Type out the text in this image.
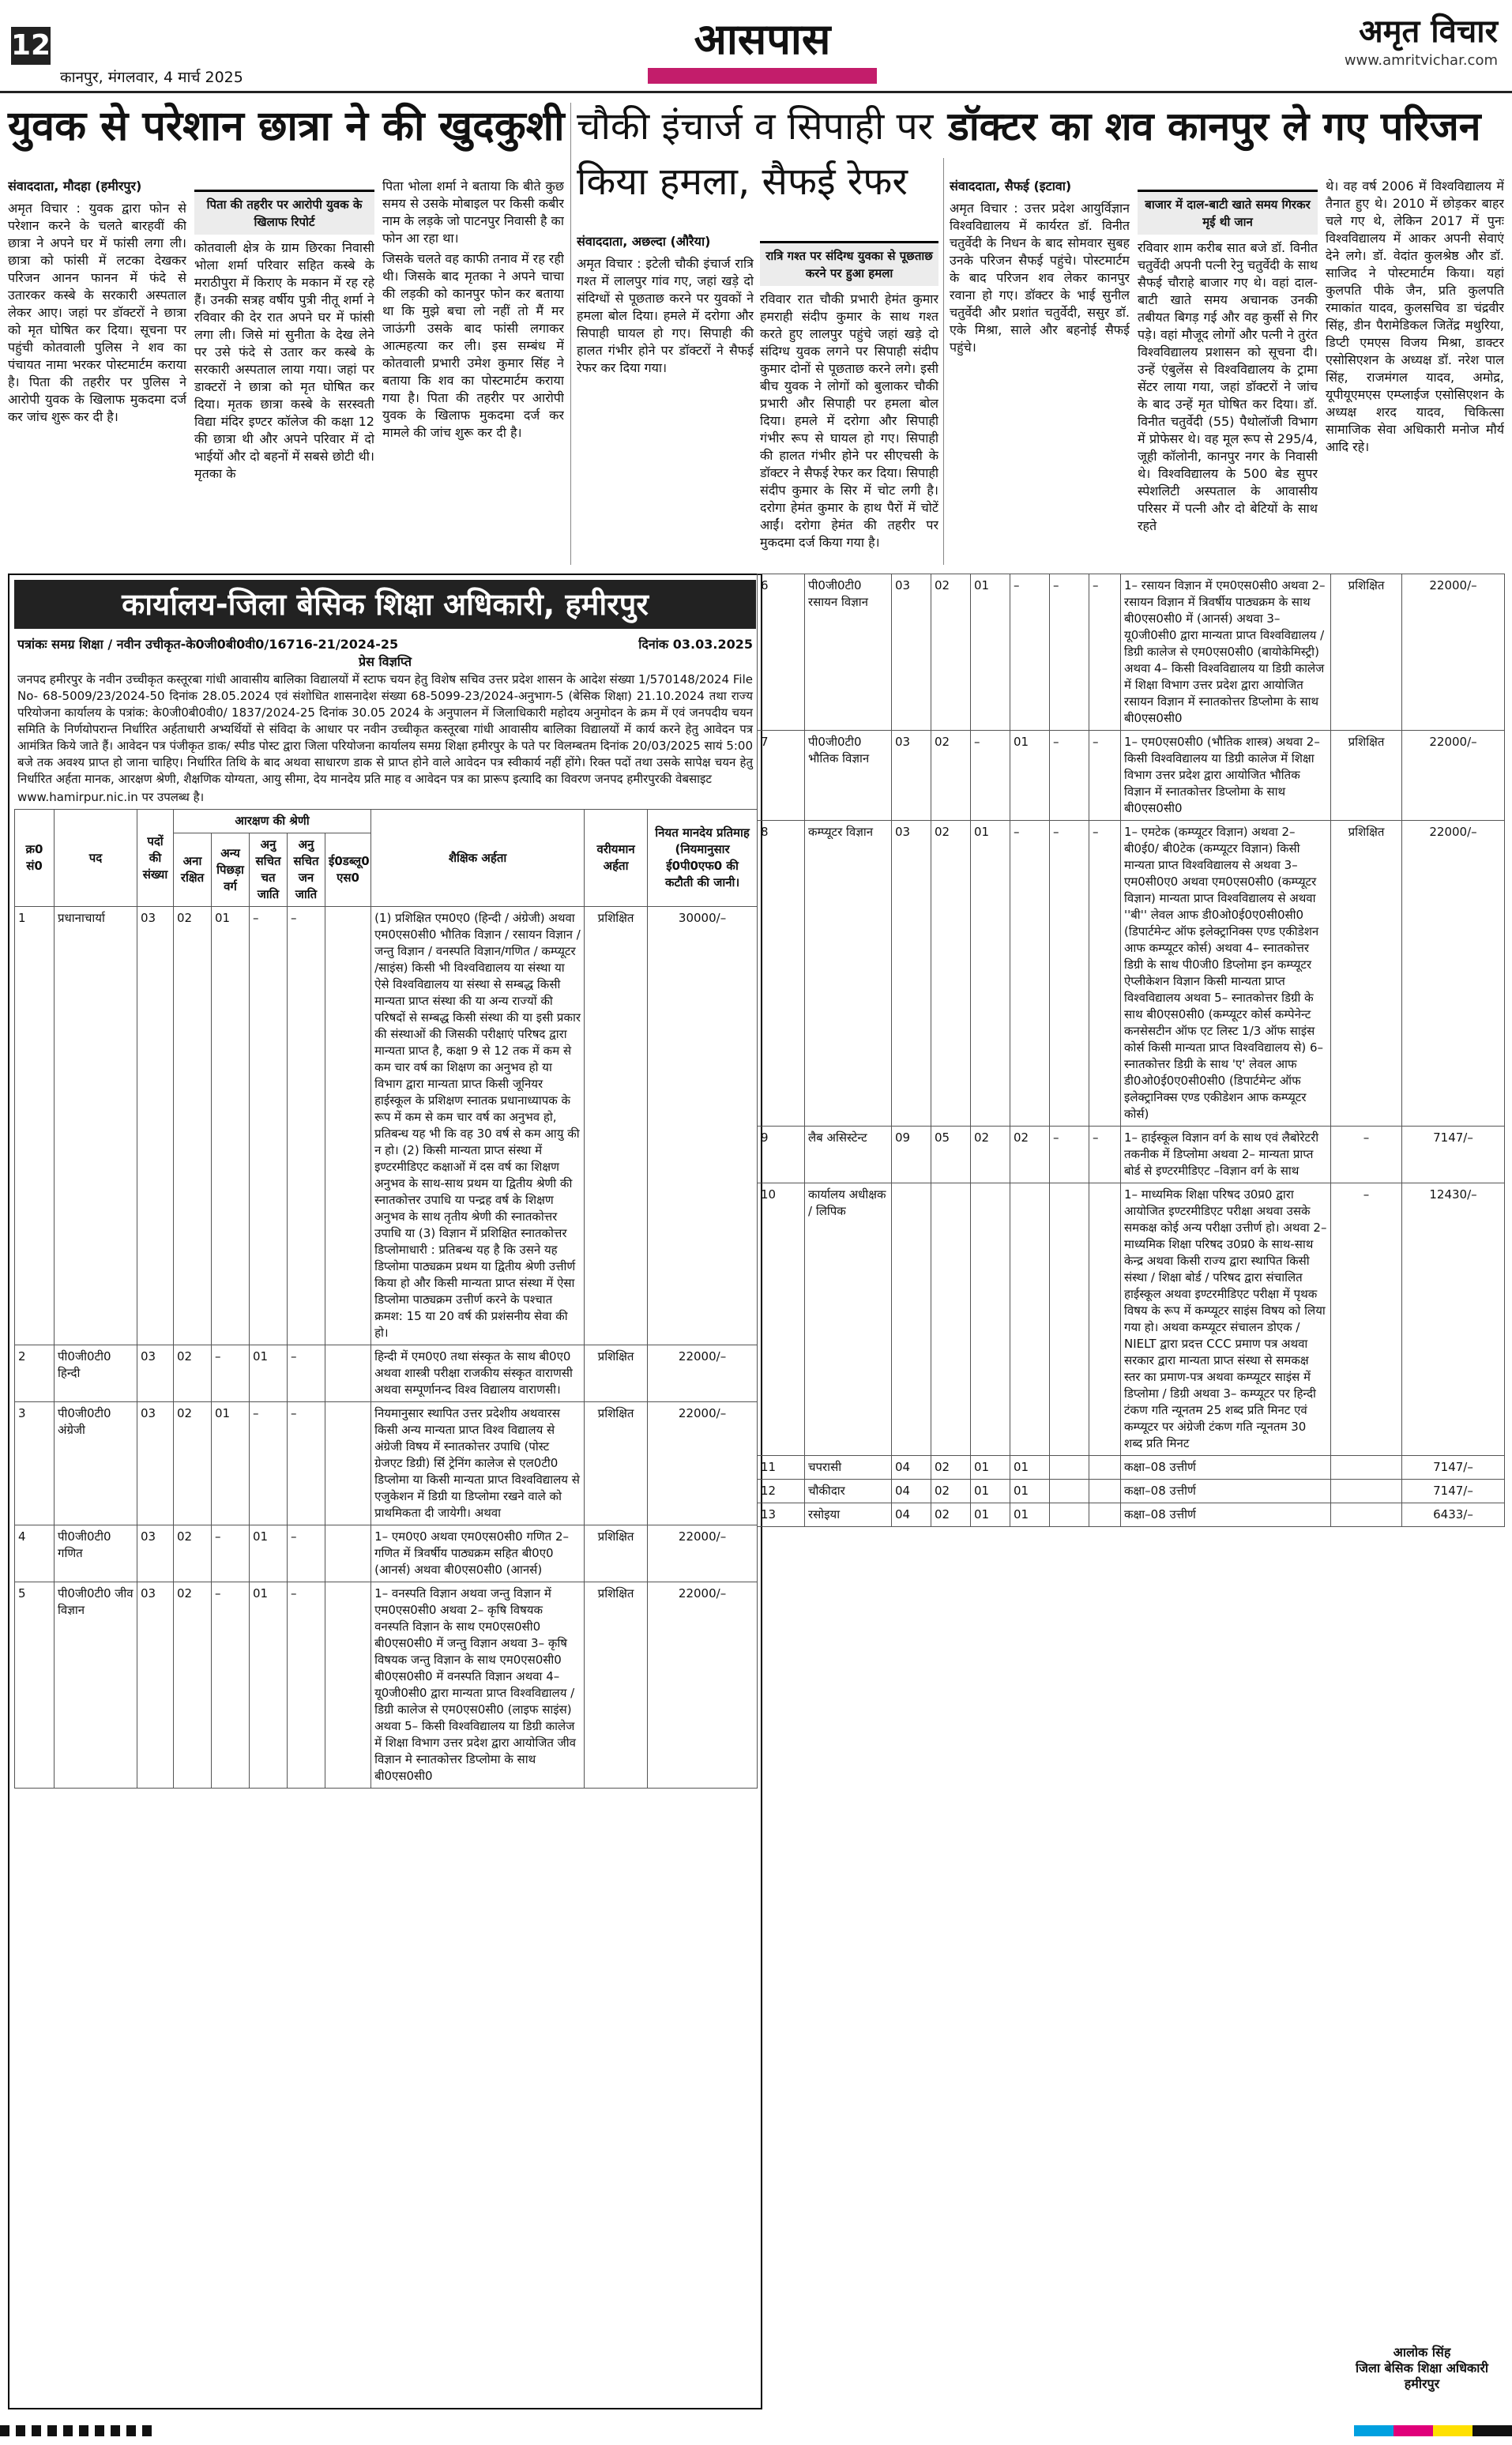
12
कानपुर, मंगलवार, 4 मार्च 2025
आसपास	अमृत विचार
www.amritvichar.com
युवक से परेशान छात्रा ने की खुदकुशी चौकी इंचार्ज व सिपाही पर
किया हमला, सैफई रेफर
डॉक्टर का शव कानपुर ले गए परिजन
संवाददाता, मौदहा (हमीरपुर)

अमृत विचार : युवक द्वारा फोन से परेशान करने के चलते बारहवीं की छात्रा ने अपने घर में फांसी लगा ली। छात्रा को फांसी में लटका देखकर परिजन आनन फानन में फंदे से उतारकर कस्बे के सरकारी अस्पताल लेकर आए। जहां पर डॉक्टरों ने छात्रा को मृत घोषित कर दिया। सूचना पर पहुंची कोतवाली पुलिस ने शव का पंचायत नामा भरकर पोस्टमार्टम कराया है। पिता की तहरीर पर पुलिस ने आरोपी युवक के खिलाफ मुकदमा दर्ज कर जांच शुरू कर दी है।

पिता की तहरीर पर आरोपी युवक के खिलाफ रिपोर्ट

कोतवाली क्षेत्र के ग्राम छिरका निवासी भोला शर्मा परिवार सहित कस्बे के मराठीपुरा में किराए के मकान में रह रहे हैं। उनकी सत्रह वर्षीय पुत्री नीतू शर्मा ने रविवार की देर रात अपने घर में फांसी लगा ली। जिसे मां सुनीता के देख लेने पर उसे फंदे से उतार कर कस्बे के सरकारी अस्पताल लाया गया। जहां पर डाक्टरों ने छात्रा को मृत घोषित कर दिया। मृतक छात्रा कस्बे के सरस्वती विद्या मंदिर इण्टर कॉलेज की कक्षा 12 की छात्रा थी और अपने परिवार में दो भाईयों और दो बहनों में सबसे छोटी थी। मृतका के

पिता भोला शर्मा ने बताया कि बीते कुछ समय से उसके मोबाइल पर किसी कबीर नाम के लड़के जो पाटनपुर निवासी है का फोन आ रहा था।

जिसके चलते वह काफी तनाव में रह रही थी। जिसके बाद मृतका ने अपने चाचा की लड़की को कानपुर फोन कर बताया था कि मुझे बचा लो नहीं तो मैं मर जाऊंगी उसके बाद फांसी लगाकर आत्महत्या कर ली। इस सम्बंध में कोतवाली प्रभारी उमेश कुमार सिंह ने बताया कि शव का पोस्टमार्टम कराया गया है। पिता की तहरीर पर आरोपी युवक के खिलाफ मुकदमा दर्ज कर मामले की जांच शुरू कर दी है।

संवाददाता, अछल्दा (औरैया)

अमृत विचार : इटेली चौकी इंचार्ज रात्रि गश्त में लालपुर गांव गए, जहां खड़े दो संदिग्धों से पूछताछ करने पर युवकों ने हमला बोल दिया। हमले में दरोगा और सिपाही घायल हो गए। सिपाही की हालत गंभीर होने पर डॉक्टरों ने सैफई रेफर कर दिया गया।

रात्रि गश्त पर संदिग्ध युवका से पूछताछ करने पर हुआ हमला

रविवार रात चौकी प्रभारी हेमंत कुमार हमराही संदीप कुमार के साथ गश्त करते हुए लालपुर पहुंचे जहां खड़े दो संदिग्ध युवक लगने पर सिपाही संदीप कुमार दोनों से पूछताछ करने लगे। इसी बीच युवक ने लोगों को बुलाकर चौकी प्रभारी और सिपाही पर हमला बोल दिया। हमले में दरोगा और सिपाही गंभीर रूप से घायल हो गए। सिपाही की हालत गंभीर होने पर सीएचसी के डॉक्टर ने सैफई रेफर कर दिया। सिपाही संदीप कुमार के सिर में चोट लगी है। दरोगा हेमंत कुमार के हाथ पैरों में चोटें आईं। दरोगा हेमंत की तहरीर पर मुकदमा दर्ज किया गया है।

संवाददाता, सैफई (इटावा)

अमृत विचार : उत्तर प्रदेश आयुर्विज्ञान विश्वविद्यालय में कार्यरत डॉ. विनीत चतुर्वेदी के निधन के बाद सोमवार सुबह उनके परिजन सैफई पहुंचे। पोस्टमार्टम के बाद परिजन शव लेकर कानपुर रवाना हो गए। डॉक्टर के भाई सुनील चतुर्वेदी और प्रशांत चतुर्वेदी, ससुर डॉ. एके मिश्रा, साले और बहनोई सैफई पहुंचे।

बाजार में दाल-बाटी खाते समय गिरकर मृई थी जान

रविवार शाम करीब सात बजे डॉ. विनीत चतुर्वेदी अपनी पत्नी रेनु चतुर्वेदी के साथ सैफई चौराहे बाजार गए थे। वहां दाल-बाटी खाते समय अचानक उनकी तबीयत बिगड़ गई और वह कुर्सी से गिर पड़े। वहां मौजूद लोगों और पत्नी ने तुरंत विश्वविद्यालय प्रशासन को सूचना दी। उन्हें एंबुलेंस से विश्वविद्यालय के ट्रामा सेंटर लाया गया, जहां डॉक्टरों ने जांच के बाद उन्हें मृत घोषित कर दिया। डॉ. विनीत चतुर्वेदी (55) पैथोलॉजी विभाग में प्रोफेसर थे। वह मूल रूप से 295/4, जूही कॉलोनी, कानपुर नगर के निवासी थे। विश्वविद्यालय के 500 बेड सुपर स्पेशलिटी अस्पताल के आवासीय परिसर में पत्नी और दो बेटियों के साथ रहते

थे। वह वर्ष 2006 में विश्वविद्यालय में तैनात हुए थे। 2010 में छोड़कर बाहर चले गए थे, लेकिन 2017 में पुनः विश्वविद्यालय में आकर अपनी सेवाएं देने लगे। डॉ. वेदांत कुलश्रेष्ठ और डॉ. साजिद ने पोस्टमार्टम किया। यहां कुलपति पीके जैन, प्रति कुलपति रमाकांत यादव, कुलसचिव डा चंद्रवीर सिंह, डीन पैरामेडिकल जितेंद्र मथुरिया, डिप्टी एमएस विजय मिश्रा, डाक्टर एसोसिएशन के अध्यक्ष डॉ. नरेश पाल सिंह, राजमंगल यादव, अमोद्र, यूपीयूएमएस एम्प्लाईज एसोसिएशन के अध्यक्ष शरद यादव, चिकित्सा सामाजिक सेवा अधिकारी मनोज मौर्य आदि रहे।

कार्यालय-जिला बेसिक शिक्षा अधिकारी, हमीरपुर
पत्रांकः समग्र शिक्षा / नवीन उचीकृत-के0जी0बी0वी0/16716-21/2024-25	दिनांक 03.03.2025
प्रेस विज्ञप्ति
जनपद हमीरपुर के नवीन उच्चीकृत कस्तूरबा गांधी आवासीय बालिका विद्यालयों में स्टाफ चयन हेतु विशेष सचिव उत्तर प्रदेश शासन के आदेश संख्या 1/570148/2024 File No- 68-5009/23/2024-50 दिनांक 28.05.2024 एवं संशोधित शासनादेश संख्या 68-5099-23/2024-अनुभाग-5 (बेसिक शिक्षा) 21.10.2024 तथा राज्य परियोजना कार्यालय के पत्रांक: के0जी0बी0वी0/ 1837/2024-25 दिनांक 30.05 2024 के अनुपालन में जिलाधिकारी महोदय अनुमोदन के क्रम में एवं जनपदीय चयन समिति के निर्णयोपरान्त निर्धारित अर्हताधारी अभ्यर्थियों से संविदा के आधार पर नवीन उच्चीकृत कस्तूरबा गांधी आवासीय बालिका विद्यालयों में कार्य करने हेतु आवेदन पत्र आमंत्रित किये जाते हैं। आवेदन पत्र पंजीकृत डाक/ स्पीड पोस्ट द्वारा जिला परियोजना कार्यालय समग्र शिक्षा हमीरपुर के पते पर विलम्बतम दिनांक 20/03/2025 सायं 5:00 बजे तक अवश्य प्राप्त हो जाना चाहिए। निर्धारित तिथि के बाद अथवा साधारण डाक से प्राप्त होने वाले आवेदन पत्र स्वीकार्य नहीं होंगे। रिक्त पदों तथा उसके सापेक्ष चयन हेतु निर्धारित अर्हता मानक, आरक्षण श्रेणी, शैक्षणिक योग्यता, आयु सीमा, देय मानदेय प्रति माह व आवेदन पत्र का प्रारूप इत्यादि का विवरण जनपद हमीरपुरकी वेबसाइट
www.hamirpur.nic.in पर उपलब्ध है।
क्र0 सं0	पद	पदों की संख्या	आरक्षण की श्रेणी					शैक्षिक अर्हता	वरीयमान अर्हता	नियत मानदेय प्रतिमाह (नियमानुसार ई0पी0एफ0 की कटौती की जानी।
			अना रक्षित	अन्य पिछड़ा वर्ग	अनु सचित चत जाति	अनु सचित जन जाति	ई0डब्लू0 एस0			
1	प्रधानाचार्या	03	02	01	–	–		(1) प्रशिक्षित एम0ए0 (हिन्दी / अंग्रेजी) अथवा एम0एस0सी0 भौतिक विज्ञान / रसायन विज्ञान / जन्तु विज्ञान / वनस्पति विज्ञान/गणित / कम्प्यूटर /साइंस) किसी भी विश्वविद्यालय या संस्था या ऐसे विश्वविद्यालय या संस्था से सम्बद्ध किसी मान्यता प्राप्त संस्था की या अन्य राज्यों की परिषदों से सम्बद्ध किसी संस्था की या इसी प्रकार की संस्थाओं की जिसकी परीक्षाएं परिषद द्वारा मान्यता प्राप्त है, कक्षा 9 से 12 तक में कम से कम चार वर्ष का शिक्षण का अनुभव हो या विभाग द्वारा मान्यता प्राप्त किसी जूनियर हाईस्कूल के प्रशिक्षण स्नातक प्रधानाध्यापक के रूप में कम से कम चार वर्ष का अनुभव हो, प्रतिबन्ध यह भी कि वह 30 वर्ष से कम आयु की न हो। (2) किसी मान्यता प्राप्त संस्था में इण्टरमीडिएट कक्षाओं में दस वर्ष का शिक्षण अनुभव के साथ-साथ प्रथम या द्वितीय श्रेणी की स्नातकोत्तर उपाधि या पन्द्रह वर्ष के शिक्षण अनुभव के साथ तृतीय श्रेणी की स्नातकोत्तर उपाधि या (3) विज्ञान में प्रशिक्षित स्नातकोत्तर डिप्लोमाधारी : प्रतिबन्ध यह है कि उसने यह डिप्लोमा पाठ्यक्रम प्रथम या द्वितीय श्रेणी उत्तीर्ण किया हो और किसी मान्यता प्राप्त संस्था में ऐसा डिप्लोमा पाठ्यक्रम उत्तीर्ण करने के पश्चात क्रमश: 15 या 20 वर्ष की प्रशंसनीय सेवा की हो।	प्रशिक्षित	30000/–
2	पी0जी0टी0 हिन्दी	03	02	–	01	–		हिन्दी में एम0ए0 तथा संस्कृत के साथ बी0ए0 अथवा शास्त्री परीक्षा राजकीय संस्कृत वाराणसी अथवा सम्पूर्णानन्द विश्व विद्यालय वाराणसी।	प्रशिक्षित	22000/–
3	पी0जी0टी0 अंग्रेजी	03	02	01	–	–		नियमानुसार स्थापित उत्तर प्रदेशीय अथवारस किसी अन्य मान्यता प्राप्त विश्व विद्यालय से अंग्रेजी विषय में स्नातकोत्तर उपाधि (पोस्ट ग्रेजएट डिग्री) सिंं ट्रेनिंग कालेज से एल0टी0 डिप्लोमा या किसी मान्यता प्राप्त विश्वविद्यालय से एजुकेशन में डिग्री या डिप्लोमा रखने वाले को प्राथमिकता दी जायेगी। अथवा	प्रशिक्षित	22000/–
4	पी0जी0टी0 गणित	03	02	–	01	–		1– एम0ए0 अथवा एम0एस0सी0 गणित 2– गणित में त्रिवर्षीय पाठ्यक्रम सहित बी0ए0 (आनर्स) अथवा बी0एस0सी0 (आनर्स)	प्रशिक्षित	22000/–
5	पी0जी0टी0 जीव विज्ञान	03	02	–	01	–		1– वनस्पति विज्ञान अथवा जन्तु विज्ञान में एम0एस0सी0 अथवा 2– कृषि विषयक वनस्पति विज्ञान के साथ एम0एस0सी0 बी0एस0सी0 में जन्तु विज्ञान अथवा 3– कृषि विषयक जन्तु विज्ञान के साथ एम0एस0सी0 बी0एस0सी0 में वनस्पति विज्ञान अथवा 4– यू0जी0सी0 द्वारा मान्यता प्राप्त विश्वविद्यालय /डिग्री कालेज से एम0एस0सी0 (लाइफ साइंस) अथवा 5– किसी विश्वविद्यालय या डिग्री कालेज में शिक्षा विभाग उत्तर प्रदेश द्वारा आयोजित जीव विज्ञान मे स्नातकोत्तर डिप्लोमा के साथ बी0एस0सी0	प्रशिक्षित	22000/–
6	पी0जी0टी0 रसायन विज्ञान	03	02	01	–	–	–	1– रसायन विज्ञान में एम0एस0सी0 अथवा 2– रसायन विज्ञान में त्रिवर्षीय पाठ्यक्रम के साथ बी0एस0सी0 में (आनर्स) अथवा 3– यू0जी0सी0 द्वारा मान्यता प्राप्त विश्वविद्यालय /डिग्री कालेज से एम0एस0सी0 (बायोकेमिस्ट्री) अथवा 4– किसी विश्वविद्यालय या डिग्री कालेज में शिक्षा विभाग उत्तर प्रदेश द्वारा आयोजित रसायन विज्ञान में स्नातकोत्तर डिप्लोमा के साथ बी0एस0सी0	प्रशिक्षित	22000/–
7	पी0जी0टी0 भौतिक विज्ञान	03	02	–	01	–	–	1– एम0एस0सी0 (भौतिक शास्त्र) अथवा 2– किसी विश्वविद्यालय या डिग्री कालेज में शिक्षा विभाग उत्तर प्रदेश द्वारा आयोजित भौतिक विज्ञान में स्नातकोत्तर डिप्लोमा के साथ बी0एस0सी0	प्रशिक्षित	22000/–
8	कम्प्यूटर विज्ञान	03	02	01	–	–	–	1– एमटेक (कम्प्यूटर विज्ञान) अथवा 2– बी0ई0/ बी0टेक (कम्प्यूटर विज्ञान) किसी मान्यता प्राप्त विश्वविद्यालय से अथवा 3– एम0सी0ए0 अथवा एम0एस0सी0 (कम्प्यूटर विज्ञान) मान्यता प्राप्त विश्वविद्यालय से अथवा ''बी'' लेवल आफ डी0ओ0ई0ए0सी0सी0 (डिपार्टमेन्ट ऑफ इलेक्ट्रानिक्स एण्ड एकीडेशन आफ कम्प्यूटर कोर्स) अथवा 4– स्नातकोत्तर डिग्री के साथ पी0जी0 डिप्लोमा इन कम्प्यूटर ऐप्लीकेशन विज्ञान किसी मान्यता प्राप्त विश्वविद्यालय अथवा 5– स्नातकोत्तर डिग्री के साथ बी0एस0सी0 (कम्प्यूटर कोर्स कम्पेनेन्ट कनसेसटीन ऑफ एट लिस्ट 1/3 ऑफ साइंस कोर्स किसी मान्यता प्राप्त विश्वविद्यालय से) 6– स्नातकोत्तर डिग्री के साथ 'ए' लेवल आफ डी0ओ0ई0ए0सी0सी0 (डिपार्टमेन्ट ऑफ इलेक्ट्रानिक्स एण्ड एकीडेशन आफ कम्प्यूटर कोर्स)	प्रशिक्षित	22000/–
9	लैब असिस्टेन्ट	09	05	02	02	–	–	1– हाईस्कूल विज्ञान वर्ग के साथ एवं लैबोरेटरी तकनीक में डिप्लोमा अथवा 2– मान्यता प्राप्त बोर्ड से इण्टरमीडिएट –विज्ञान वर्ग के साथ	–	7147/–
10	कार्यालय अधीक्षक / लिपिक							1– माध्यमिक शिक्षा परिषद उ0प्र0 द्वारा आयोजित इण्टरमीडिएट परीक्षा अथवा उसके समकक्ष कोई अन्य परीक्षा उत्तीर्ण हो। अथवा 2– माध्यमिक शिक्षा परिषद उ0प्र0 के साथ-साथ केन्द्र अथवा किसी राज्य द्वारा स्थापित किसी संस्था / शिक्षा बोर्ड / परिषद द्वारा संचालित हाईस्कूल अथवा इण्टरमीडिएट परीक्षा में पृथक विषय के रूप में कम्प्यूटर साइंस विषय को लिया गया हो। अथवा कम्प्यूटर संचालन डोएक / NIELT द्वारा प्रदत्त CCC प्रमाण पत्र अथवा सरकार द्वारा मान्यता प्राप्त संस्था से समकक्ष स्तर का प्रमाण-पत्र अथवा कम्प्यूटर साइंस में डिप्लोमा / डिग्री अथवा 3– कम्प्यूटर पर हिन्दी टंकण गति न्यूनतम 25 शब्द प्रति मिनट एवं कम्प्यूटर पर अंग्रेजी टंकण गति न्यूनतम 30 शब्द प्रति मिनट	–	12430/–
11	चपरासी	04	02	01	01			कक्षा–08 उत्तीर्ण		7147/–
12	चौकीदार	04	02	01	01			कक्षा–08 उत्तीर्ण		7147/–
13	रसोइया	04	02	01	01			कक्षा–08 उत्तीर्ण		6433/–
आलोक सिंह
जिला बेसिक शिक्षा अधिकारी
हमीरपुर
